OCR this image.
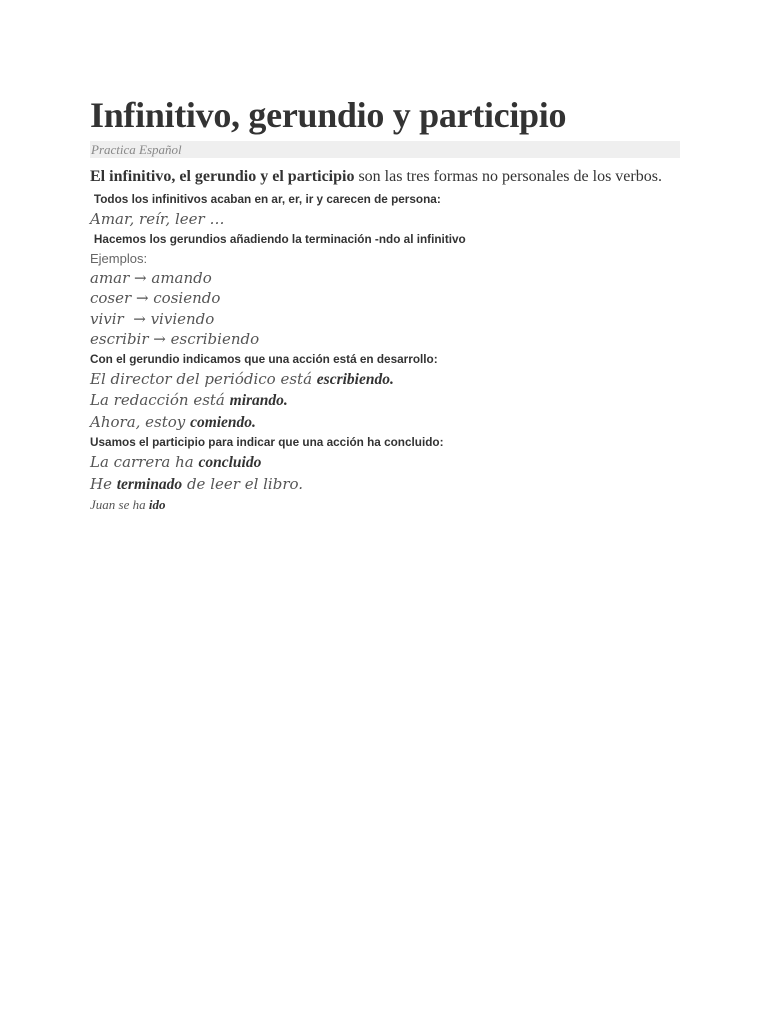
Infinitivo, gerundio y participio
Practica Español
El infinitivo, el gerundio y el participio son las tres formas no personales de los verbos.
Todos los infinitivos acaban en ar, er, ir y carecen de persona:
Amar, reír, leer …
Hacemos los gerundios añadiendo la terminación -ndo al infinitivo
Ejemplos:
amar → amando
coser → cosiendo
vivir  → viviendo
escribir → escribiendo
Con el gerundio indicamos que una acción está en desarrollo:
El director del periódico está escribiendo.
La redacción está mirando.
Ahora, estoy comiendo.
Usamos el participio para indicar que una acción ha concluido:
La carrera ha concluido
He terminado de leer el libro.
Juan se ha ido
